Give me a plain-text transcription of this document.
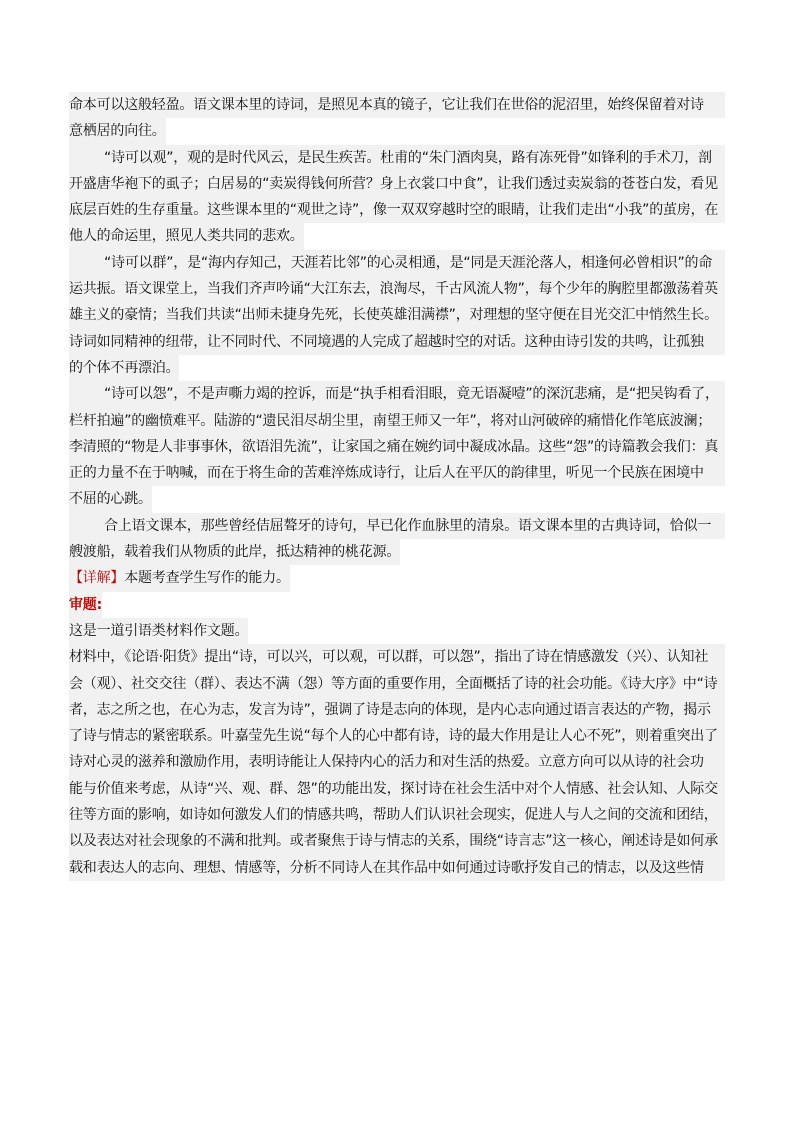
命本可以这般轻盈。语文课本里的诗词，是照见本真的镜子，它让我们在世俗的泥沼里，始终保留着对诗
意栖居的向往。
“诗可以观”，观的是时代风云，是民生疾苦。杜甫的“朱门酒肉臭，路有冻死骨”如锋利的手术刀，剖
开盛唐华袍下的虱子；白居易的“卖炭得钱何所营？身上衣裳口中食”，让我们透过卖炭翁的苍苍白发，看见
底层百姓的生存重量。这些课本里的“观世之诗”，像一双双穿越时空的眼睛，让我们走出“小我”的茧房，在
他人的命运里，照见人类共同的悲欢。
“诗可以群”，是“海内存知己，天涯若比邻”的心灵相通，是“同是天涯沦落人，相逢何必曾相识”的命
运共振。语文课堂上，当我们齐声吟诵“大江东去，浪淘尽，千古风流人物”，每个少年的胸腔里都激荡着英
雄主义的豪情；当我们共读“出师未捷身先死，长使英雄泪满襟”，对理想的坚守便在目光交汇中悄然生长。
诗词如同精神的纽带，让不同时代、不同境遇的人完成了超越时空的对话。这种由诗引发的共鸣，让孤独
的个体不再漂泊。
“诗可以怨”，不是声嘶力竭的控诉，而是“执手相看泪眼，竟无语凝噎”的深沉悲痛，是“把吴钩看了，
栏杆拍遍”的幽愤难平。陆游的“遗民泪尽胡尘里，南望王师又一年”，将对山河破碎的痛惜化作笔底波澜；
李清照的“物是人非事事休，欲语泪先流”，让家国之痛在婉约词中凝成冰晶。这些“怨”的诗篇教会我们：真
正的力量不在于呐喊，而在于将生命的苦难淬炼成诗行，让后人在平仄的韵律里，听见一个民族在困境中
不屈的心跳。
合上语文课本，那些曾经佶屈聱牙的诗句，早已化作血脉里的清泉。语文课本里的古典诗词，恰似一
艘渡船，载着我们从物质的此岸，抵达精神的桃花源。
【详解】本题考查学生写作的能力。
审题:
这是一道引语类材料作文题。
材料中，《论语·阳货》提出“诗，可以兴，可以观，可以群，可以怨”，指出了诗在情感激发（兴）、认知社
会（观）、社交交往（群）、表达不满（怨）等方面的重要作用，全面概括了诗的社会功能。《诗大序》中“诗
者，志之所之也，在心为志，发言为诗”，强调了诗是志向的体现，是内心志向通过语言表达的产物，揭示
了诗与情志的紧密联系。叶嘉莹先生说“每个人的心中都有诗，诗的最大作用是让人心不死”，则着重突出了
诗对心灵的滋养和激励作用，表明诗能让人保持内心的活力和对生活的热爱。立意方向可以从诗的社会功
能与价值来考虑，从诗“兴、观、群、怨”的功能出发，探讨诗在社会生活中对个人情感、社会认知、人际交
往等方面的影响，如诗如何激发人们的情感共鸣，帮助人们认识社会现实，促进人与人之间的交流和团结，
以及表达对社会现象的不满和批判。或者聚焦于诗与情志的关系，围绕“诗言志”这一核心，阐述诗是如何承
载和表达人的志向、理想、情感等，分析不同诗人在其作品中如何通过诗歌抒发自己的情志，以及这些情
